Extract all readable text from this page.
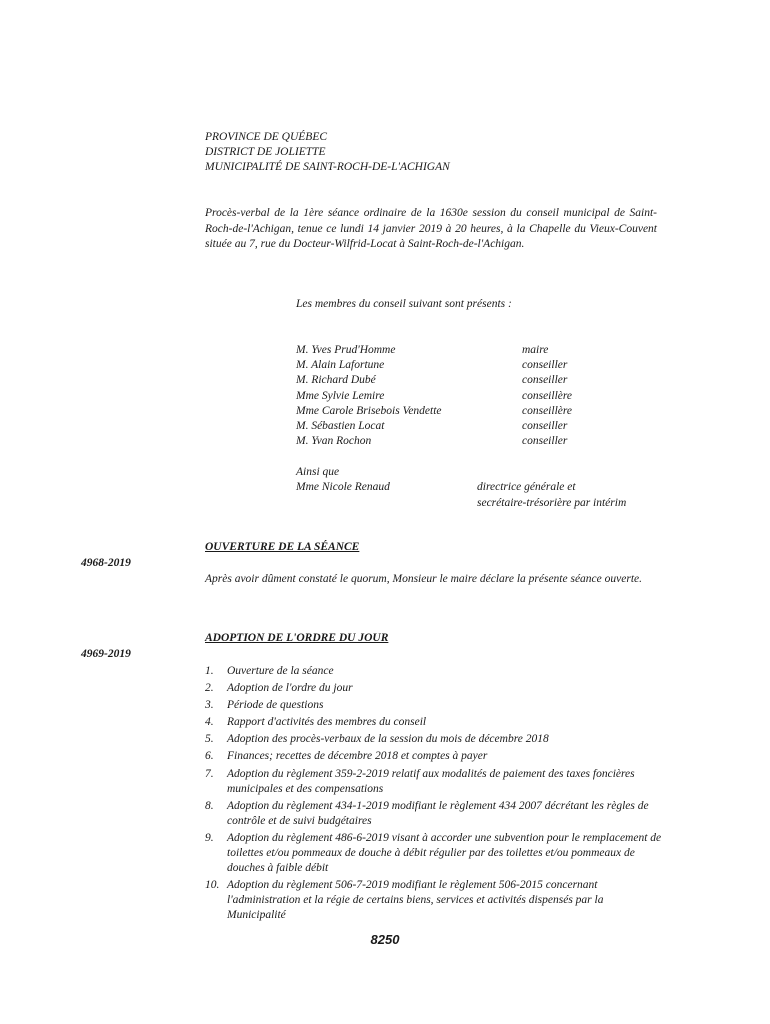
PROVINCE DE QUÉBEC
DISTRICT DE JOLIETTE
MUNICIPALITÉ DE SAINT-ROCH-DE-L'ACHIGAN
Procès-verbal de la 1ère séance ordinaire de la 1630e session du conseil municipal de Saint-Roch-de-l'Achigan, tenue ce lundi 14 janvier 2019 à 20 heures, à la Chapelle du Vieux-Couvent située au 7, rue du Docteur-Wilfrid-Locat à Saint-Roch-de-l'Achigan.
Les membres du conseil suivant sont présents :
M. Yves Prud'Homme	maire
M. Alain Lafortune	conseiller
M. Richard Dubé	conseiller
Mme Sylvie Lemire	conseillère
Mme Carole Brisebois Vendette	conseillère
M. Sébastien Locat	conseiller
M. Yvan Rochon	conseiller
Ainsi que
Mme Nicole Renaud	directrice générale et
secrétaire-trésorière par intérim
OUVERTURE DE LA SÉANCE
4968-2019
Après avoir dûment constaté le quorum, Monsieur le maire déclare la présente séance ouverte.
ADOPTION DE L'ORDRE DU JOUR
4969-2019
1. Ouverture de la séance
2. Adoption de l'ordre du jour
3. Période de questions
4. Rapport d'activités des membres du conseil
5. Adoption des procès-verbaux de la session du mois de décembre 2018
6. Finances; recettes de décembre 2018 et comptes à payer
7. Adoption du règlement 359-2-2019 relatif aux modalités de paiement des taxes foncières municipales et des compensations
8. Adoption du règlement 434-1-2019 modifiant le règlement 434 2007 décrétant les règles de contrôle et de suivi budgétaires
9. Adoption du règlement 486-6-2019 visant à accorder une subvention pour le remplacement de toilettes et/ou pommeaux de douche à débit régulier par des toilettes et/ou pommeaux de douches à faible débit
10. Adoption du règlement 506-7-2019 modifiant le règlement 506-2015 concernant l'administration et la régie de certains biens, services et activités dispensés par la Municipalité
8250
